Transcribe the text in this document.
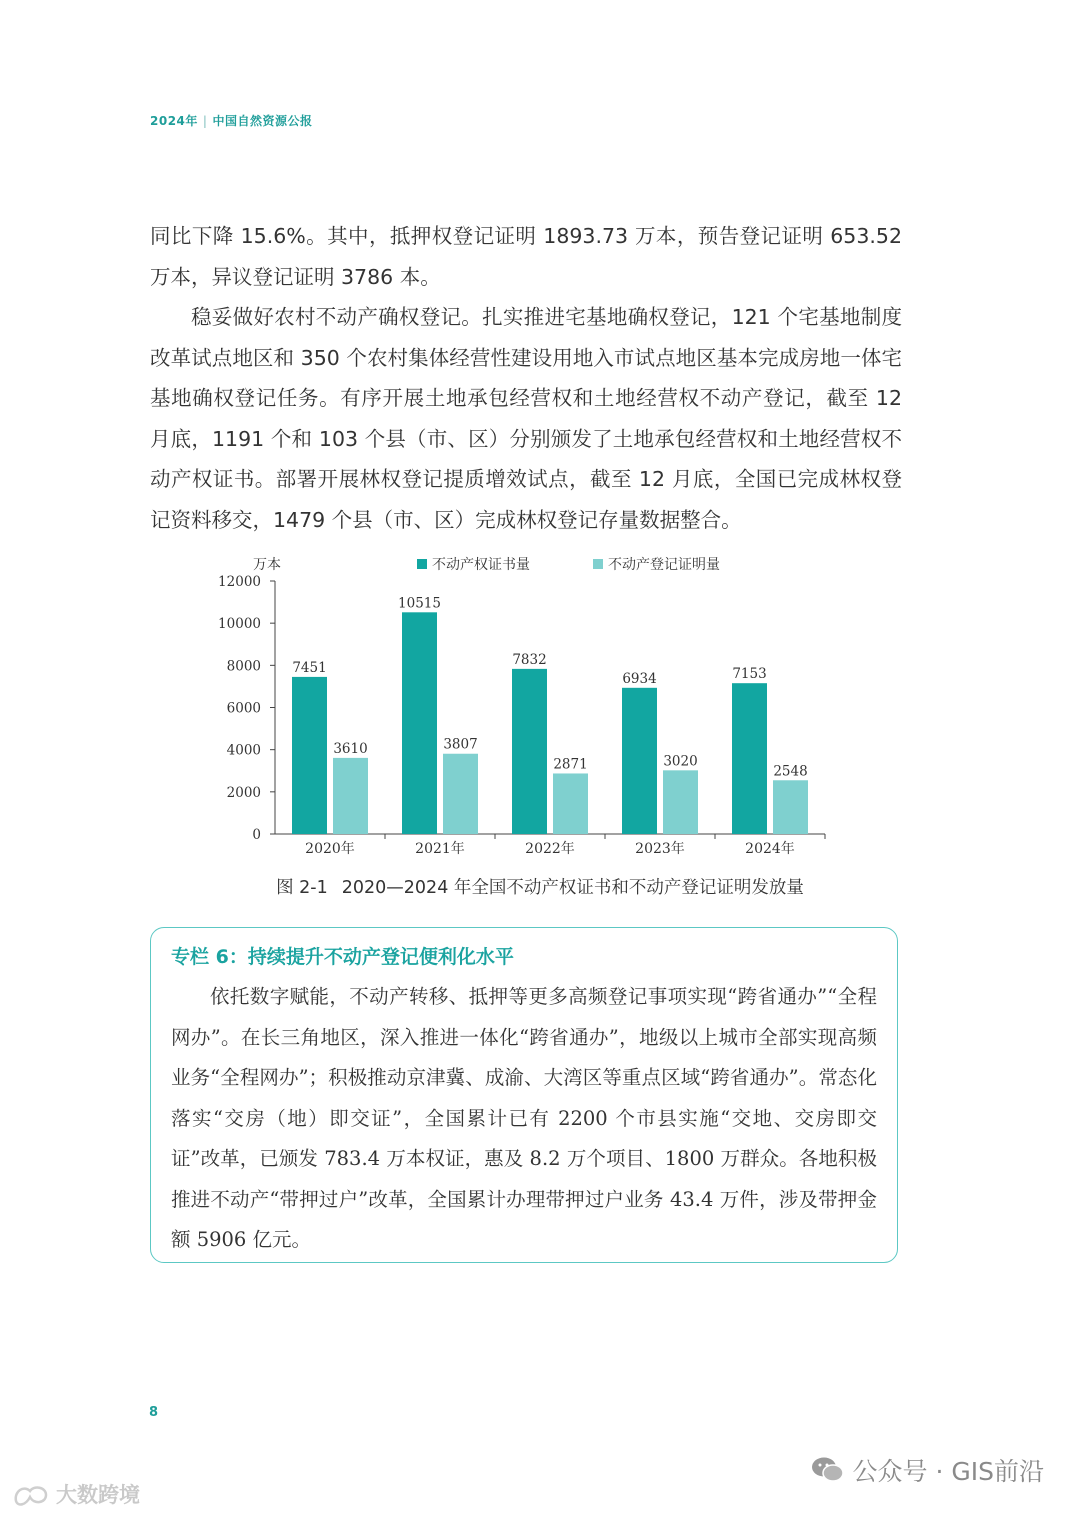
2024年 | 中国自然资源公报
同比下降 15.6%。其中，抵押权登记证明 1893.73 万本，预告登记证明 653.52 万本，异议登记证明 3786 本。
稳妥做好农村不动产确权登记。扎实推进宅基地确权登记，121 个宅基地制度改革试点地区和 350 个农村集体经营性建设用地入市试点地区基本完成房地一体宅基地确权登记任务。有序开展土地承包经营权和土地经营权不动产登记，截至 12 月底，1191 个和 103 个县（市、区）分别颁发了土地承包经营权和土地经营权不动产权证书。部署开展林权登记提质增效试点，截至 12 月底，全国已完成林权登记资料移交，1479 个县（市、区）完成林权登记存量数据整合。
万本	不动产权证书量	不动产登记证明量
0
2000
4000
6000
8000
10000
12000
7451
3610
2020年
10515
3807
2021年
7832
2871
2022年
6934
3020
2023年
7153
2548
2024年
图 2-1 2020—2024 年全国不动产权证书和不动产登记证明发放量
专栏 6：持续提升不动产登记便利化水平
依托数字赋能，不动产转移、抵押等更多高频登记事项实现“跨省通办”“全程网办”。在长三角地区，深入推进一体化“跨省通办”，地级以上城市全部实现高频业务“全程网办”；积极推动京津冀、成渝、大湾区等重点区域“跨省通办”。常态化落实“交房（地）即交证”，全国累计已有 2200 个市县实施“交地、交房即交证”改革，已颁发 783.4 万本权证，惠及 8.2 万个项目、1800 万群众。各地积极推进不动产“带押过户”改革，全国累计办理带押过户业务 43.4 万件，涉及带押金额 5906 亿元。
8
公众号 · GIS前沿
大数跨境
